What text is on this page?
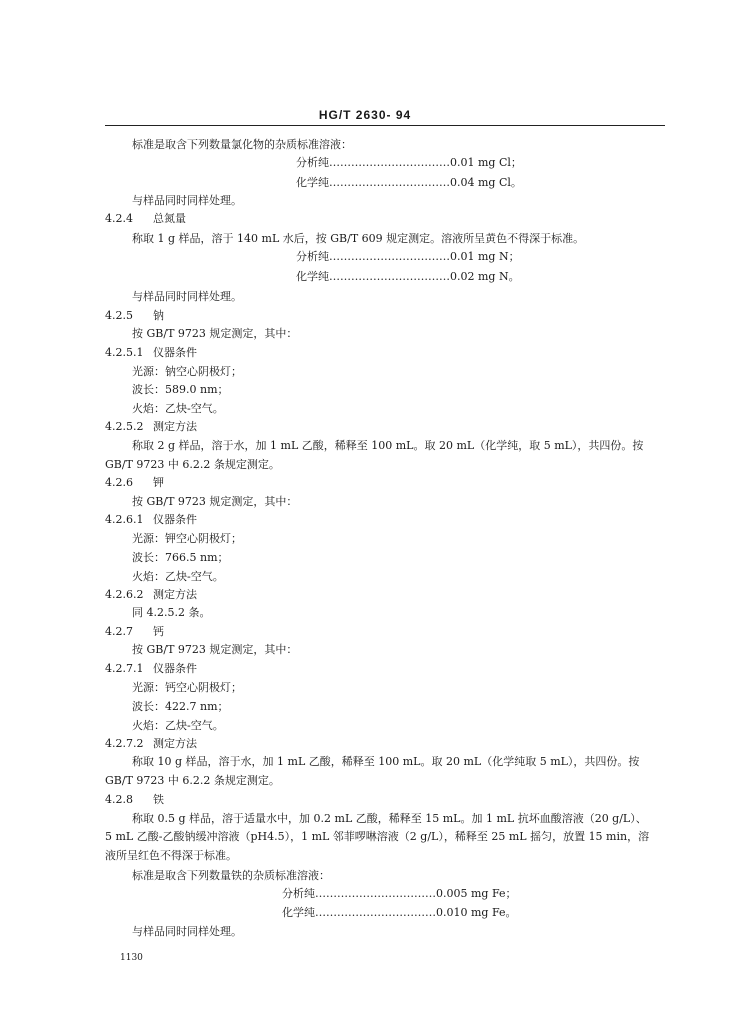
HG/T 2630- 94
标准是取含下列数量氯化物的杂质标准溶液：
分析纯……………………………0.01 mg Cl；
化学纯……………………………0.04 mg Cl。
与样品同时同样处理。
4.2.4 总氮量
称取 1 g 样品，溶于 140 mL 水后，按 GB/T 609 规定测定。溶液所呈黄色不得深于标准。
分析纯……………………………0.01 mg N；
化学纯……………………………0.02 mg N。
与样品同时同样处理。
4.2.5 钠
按 GB/T 9723 规定测定，其中：
4.2.5.1 仪器条件
光源：钠空心阴极灯；
波长：589.0 nm；
火焰：乙炔-空气。
4.2.5.2 测定方法
称取 2 g 样品，溶于水，加 1 mL 乙酸，稀释至 100 mL。取 20 mL（化学纯，取 5 mL），共四份。按
GB/T 9723 中 6.2.2 条规定测定。
4.2.6 钾
按 GB/T 9723 规定测定，其中：
4.2.6.1 仪器条件
光源：钾空心阴极灯；
波长：766.5 nm；
火焰：乙炔-空气。
4.2.6.2 测定方法
同 4.2.5.2 条。
4.2.7 钙
按 GB/T 9723 规定测定，其中：
4.2.7.1 仪器条件
光源：钙空心阴极灯；
波长：422.7 nm；
火焰：乙炔-空气。
4.2.7.2 测定方法
称取 10 g 样品，溶于水，加 1 mL 乙酸，稀释至 100 mL。取 20 mL（化学纯取 5 mL），共四份。按
GB/T 9723 中 6.2.2 条规定测定。
4.2.8 铁
称取 0.5 g 样品，溶于适量水中，加 0.2 mL 乙酸，稀释至 15 mL。加 1 mL 抗坏血酸溶液（20 g/L）、
5 mL 乙酸-乙酸钠缓冲溶液（pH4.5），1 mL 邻菲啰啉溶液（2 g/L），稀释至 25 mL 摇匀，放置 15 min，溶
液所呈红色不得深于标准。
标准是取含下列数量铁的杂质标准溶液：
分析纯……………………………0.005 mg Fe；
化学纯……………………………0.010 mg Fe。
与样品同时同样处理。
1130
